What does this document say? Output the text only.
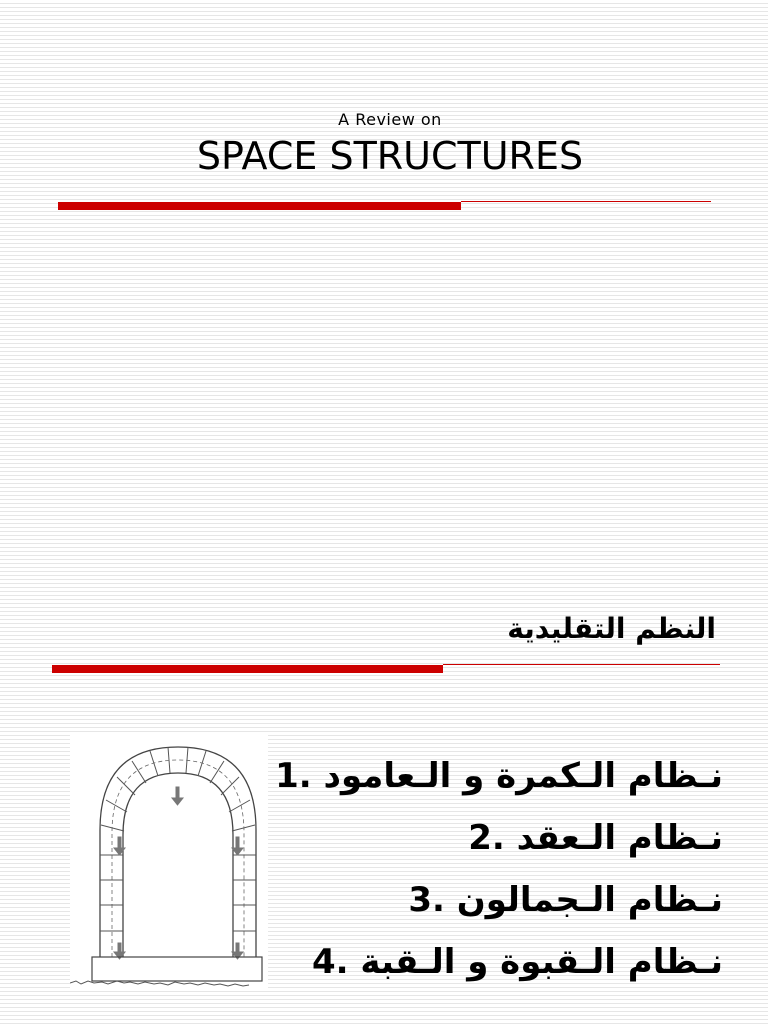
A Review on
SPACE STRUCTURES
النظم التقليدية
1. نـظام الـكمرة و الـعامود
2. نـظام الـعقد
3. نـظام الـجمالون
4. نـظام الـقبوة و الـقبة
